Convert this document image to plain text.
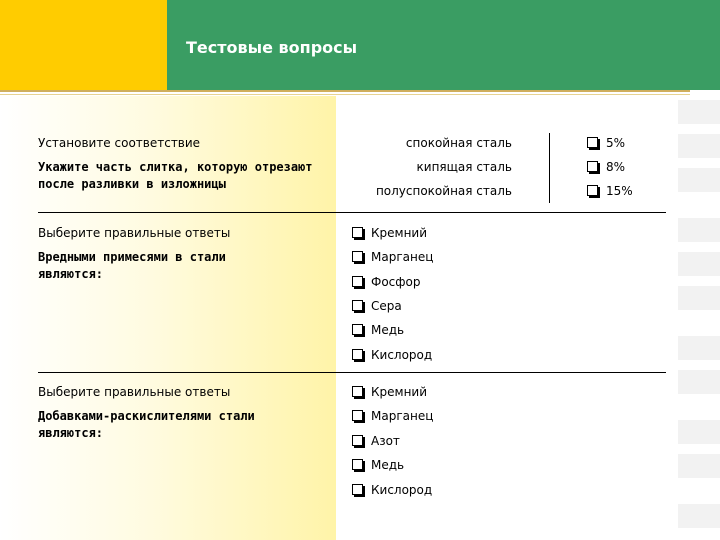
Тестовые вопросы
Установите соответствие
Укажите часть слитка, которую отрезают после разливки в изложницы
спокойная сталь
кипящая сталь
полуспокойная сталь
5%
8%
15%
Выберите правильные ответы
Вредными примесями в стали являются:
Кремний
Марганец
Фосфор
Сера
Медь
Кислород
Выберите правильные ответы
Добавками-раскислителями стали являются:
Кремний
Марганец
Азот
Медь
Кислород
